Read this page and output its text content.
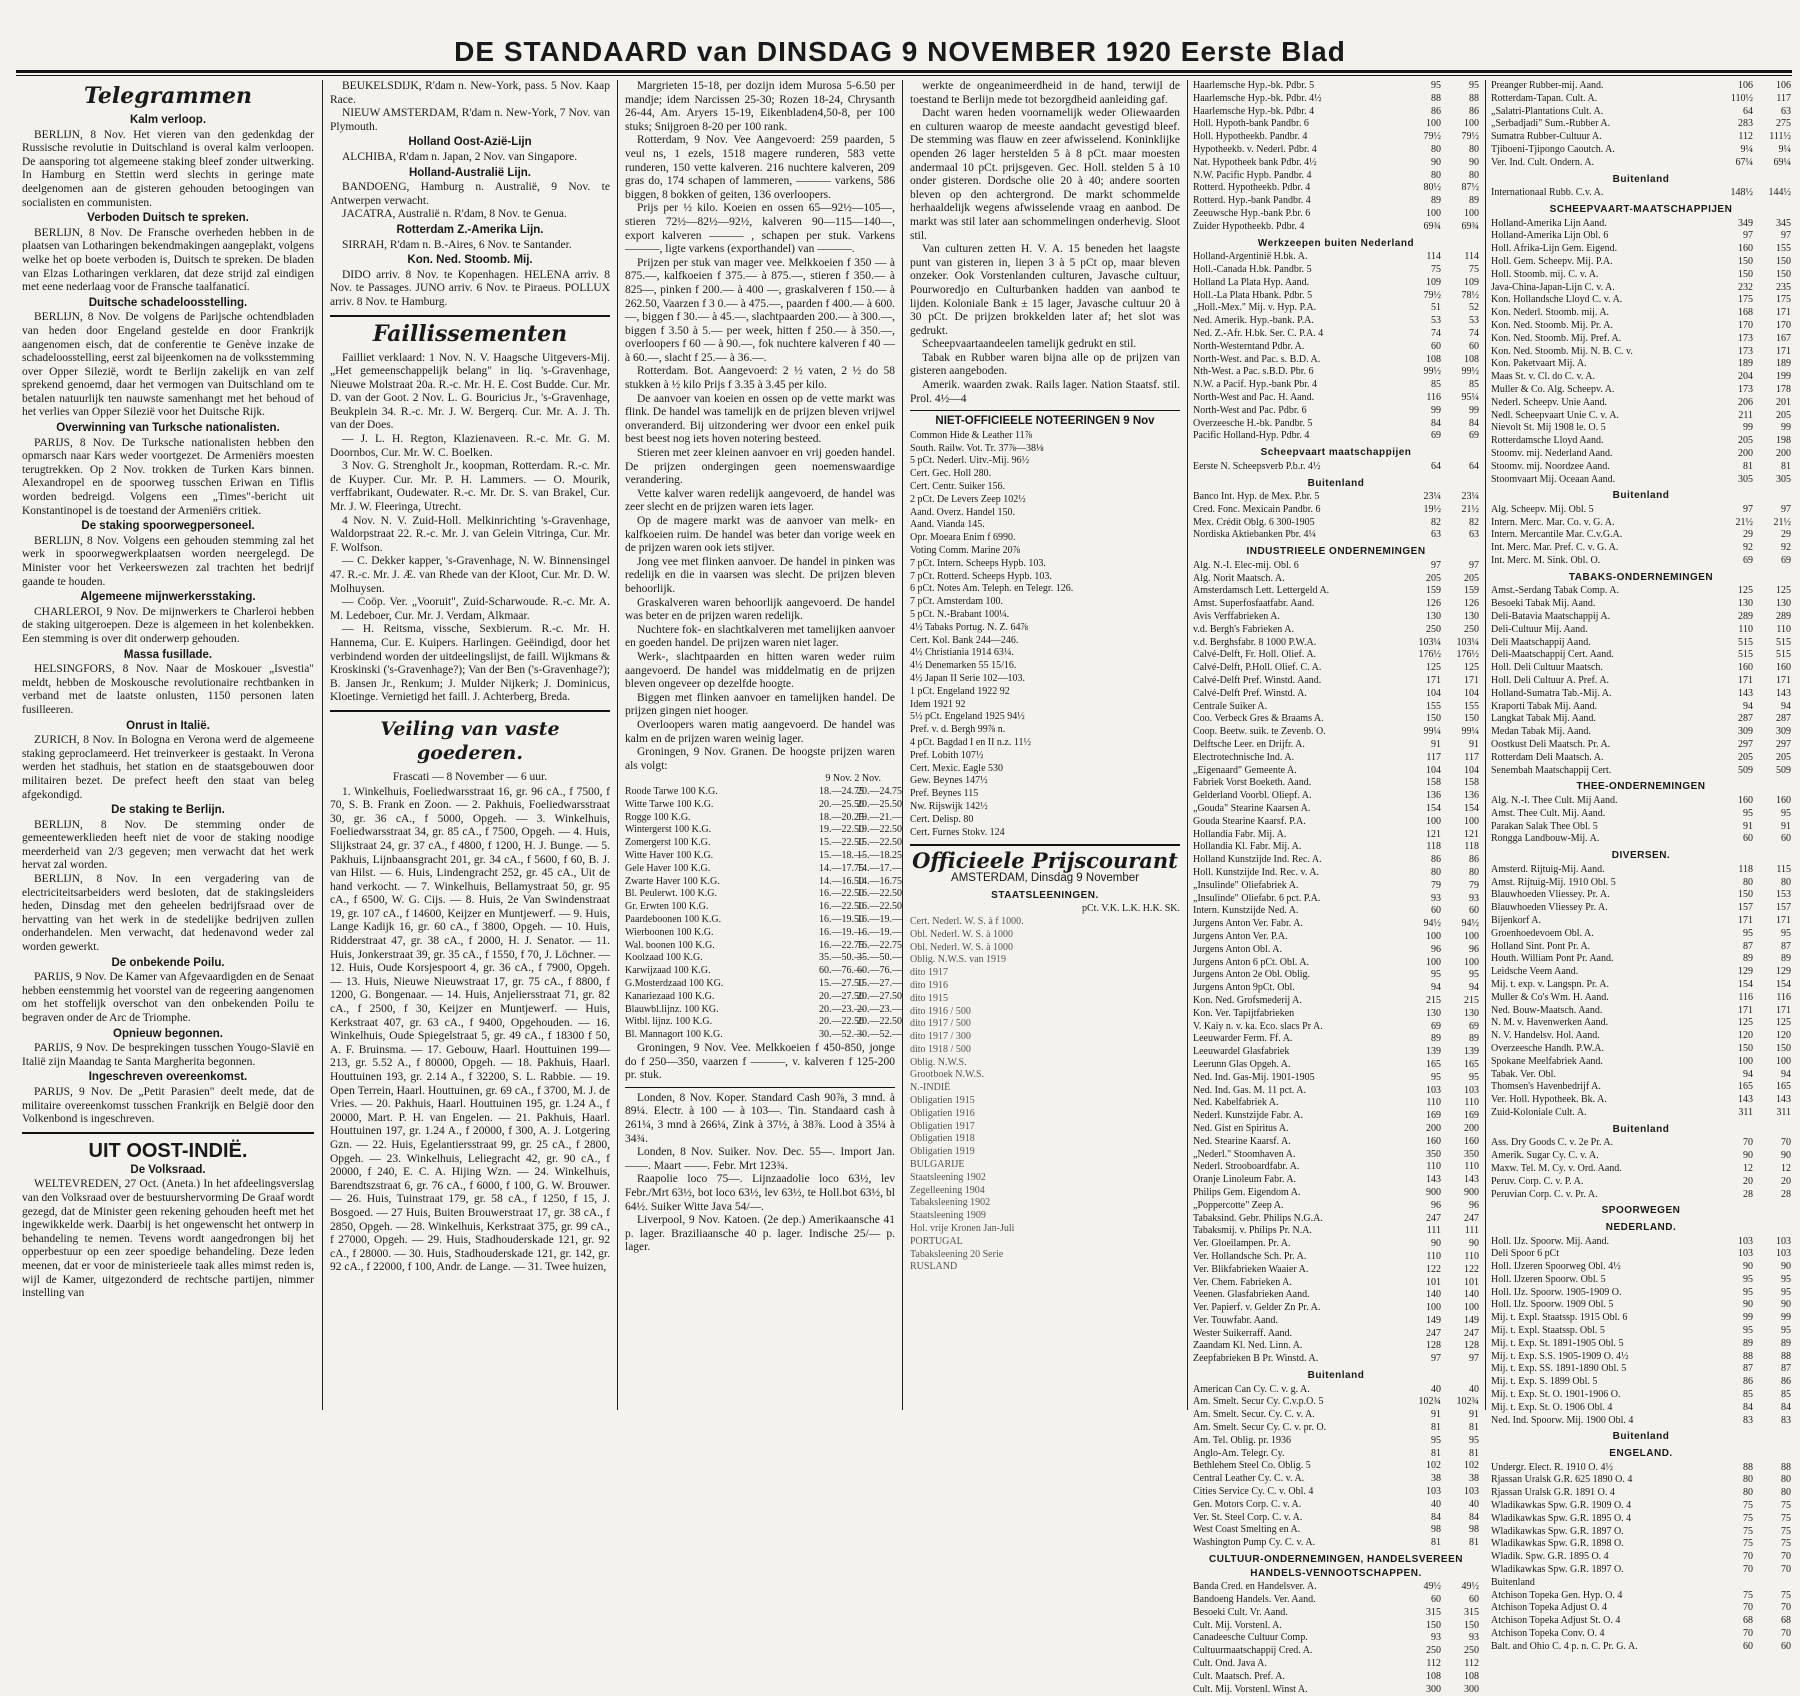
DE STANDAARD van DINSDAG 9 NOVEMBER 1920 Eerste Blad
Telegrammen
Kalm verloop.

BERLIJN, 8 Nov. Het vieren van den gedenkdag der Russische revolutie in Duitschland is overal kalm verloopen. De aansporing tot algemeene staking bleef zonder uitwerking. In Hamburg en Stettin werd slechts in geringe mate deelgenomen aan de gisteren gehouden betoogingen van socialisten en communisten.

Verboden Duitsch te spreken.

BERLIJN, 8 Nov. De Fransche overheden hebben in de plaatsen van Lotharingen bekendmakingen aangeplakt, volgens welke het op boete verboden is, Duitsch te spreken. De bladen van Elzas Lotharingen verklaren, dat deze strijd zal eindigen met eene nederlaag voor de Fransche taalfanaticí.

Duitsche schadeloosstelling.

BERLIJN, 8 Nov. De volgens de Parijsche ochtendbladen van heden door Engeland gestelde en door Frankrijk aangenomen eisch, dat de conferentie te Genève inzake de schadeloosstelling, eerst zal bijeenkomen na de volksstemming over Opper Silezië, wordt te Berlijn zakelijk en van zelf sprekend genoemd, daar het vermogen van Duitschland om te betalen natuurlijk ten nauwste samenhangt met het behoud of het verlies van Opper Silezië voor het Duitsche Rijk.

Overwinning van Turksche nationalisten.

PARIJS, 8 Nov. De Turksche nationalisten hebben den opmarsch naar Kars weder voortgezet. De Armeniërs moesten terugtrekken. Op 2 Nov. trokken de Turken Kars binnen. Alexandropel en de spoorweg tusschen Eriwan en Tiflis worden bedreigd. Volgens een „Times"-bericht uit Konstantinopel is de toestand der Armeniërs critiek.

De staking spoorwegpersoneel.

BERLIJN, 8 Nov. Volgens een gehouden stemming zal het werk in spoorwegwerkplaatsen worden neergelegd. De Minister voor het Verkeerswezen zal trachten het bedrijf gaande te houden.

Algemeene mijnwerkersstaking.

CHARLEROI, 9 Nov. De mijnwerkers te Charleroi hebben de staking uitgeroepen. Deze is algemeen in het kolenbekken. Een stemming is over dit onderwerp gehouden.

Massa fusillade.

HELSINGFORS, 8 Nov. Naar de Moskouer „Isvestia" meldt, hebben de Moskousche revolutionaire rechtbanken in verband met de laatste onlusten, 1150 personen laten fusilleeren.

Onrust in Italië.

ZURICH, 8 Nov. In Bologna en Verona werd de algemeene staking geproclameerd. Het treinverkeer is gestaakt. In Verona werden het stadhuis, het station en de staatsgebouwen door militairen bezet. De prefect heeft den staat van beleg afgekondigd.

De staking te Berlijn.

BERLIJN, 8 Nov. De stemming onder de gemeentewerklieden heeft niet de voor de staking noodige meerderheid van 2/3 gegeven; men verwacht dat het werk hervat zal worden.

BERLIJN, 8 Nov. In een vergadering van de electriciteitsarbeiders werd besloten, dat de stakingsleiders heden, Dinsdag met den geheelen bedrijfsraad over de hervatting van het werk in de stedelijke bedrijven zullen onderhandelen. Men verwacht, dat hedenavond weder zal worden gewerkt.

De onbekende Poilu.

PARIJS, 9 Nov. De Kamer van Afgevaardigden en de Senaat hebben eenstemmig het voorstel van de regeering aangenomen om het stoffelijk overschot van den onbekenden Poilu te begraven onder de Arc de Triomphe.

Opnieuw begonnen.

PARIJS, 9 Nov. De besprekingen tusschen Yougo-Slavië en Italië zijn Maandag te Santa Margherita begonnen.

Ingeschreven overeenkomst.

PARIJS, 9 Nov. De „Petit Parasien" deelt mede, dat de militaire overeenkomst tusschen Frankrijk en België door den Volkenbond is ingeschreven.

UIT OOST-INDIË.
De Volksraad.

WELTEVREDEN, 27 Oct. (Aneta.) In het afdeelingsverslag van den Volksraad over de bestuurshervorming De Graaf wordt gezegd, dat de Minister geen rekening gehouden heeft met het ingewikkelde werk. Daarbij is het ongewenscht het ontwerp in behandeling te nemen. Tevens wordt aangedrongen bij het opperbestuur op een zeer spoedige behandeling. Deze leden meenen, dat er voor de ministerieele taak alles mimst reden is, wijl de Kamer, uitgezonderd de rechtsche partijen, nimmer instelling van

BEUKELSDIJK, R'dam n. New-York, pass. 5 Nov. Kaap Race.

NIEUW AMSTERDAM, R'dam n. New-York, 7 Nov. van Plymouth.

Holland Oost-Azië-Lijn

ALCHIBA, R'dam n. Japan, 2 Nov. van Singapore.

Holland-Australië Lijn.

BANDOENG, Hamburg n. Australië, 9 Nov. te Antwerpen verwacht.

JACATRA, Australië n. R'dam, 8 Nov. te Genua.

Rotterdam Z.-Amerika Lijn.

SIRRAH, R'dam n. B.-Aires, 6 Nov. te Santander.

Kon. Ned. Stoomb. Mij.

DIDO arriv. 8 Nov. te Kopenhagen. HELENA arriv. 8 Nov. te Passages. JUNO arriv. 6 Nov. te Piraeus. POLLUX arriv. 8 Nov. te Hamburg.

Faillissementen

Failliet verklaard: 1 Nov. N. V. Haagsche Uitgevers-Mij. „Het gemeenschappelijk belang" in liq. 's-Gravenhage, Nieuwe Molstraat 20a. R.-c. Mr. H. E. Cost Budde. Cur. Mr. D. van der Goot. 2 Nov. L. G. Bouricius Jr., 's-Gravenhage, Beukplein 34. R.-c. Mr. J. W. Bergerq. Cur. Mr. A. J. Th. van der Does.

— J. L. H. Regton, Klazienaveen. R.-c. Mr. G. M. Doornbos, Cur. Mr. W. C. Boelken.

3 Nov. G. Strengholt Jr., koopman, Rotterdam. R.-c. Mr. de Kuyper. Cur. Mr. P. H. Lammers. — O. Mourik, verffabrikant, Oudewater. R.-c. Mr. Dr. S. van Brakel, Cur. Mr. J. W. Fleeringa, Utrecht.

4 Nov. N. V. Zuid-Holl. Melkinrichting 's-Gravenhage, Waldorpstraat 22. R.-c. Mr. J. van Gelein Vitringa, Cur. Mr. F. Wolfson.

— C. Dekker kapper, 's-Gravenhage, N. W. Binnensingel 47. R.-c. Mr. J. Æ. van Rhede van der Kloot, Cur. Mr. D. W. Molhuysen.

— Coöp. Ver. „Vooruit", Zuid-Scharwoude. R.-c. Mr. A. M. Ledeboer, Cur. Mr. J. Verdam, Alkmaar.

— H. Reitsma, vissche, Sexbierum. R.-c. Mr. H. Hannema, Cur. E. Kuipers. Harlingen. Geëindigd, door het verbindend worden der uitdeelingslijst, de faill. Wijkmans & Kroskinski ('s-Gravenhage?); Van der Ben ('s-Gravenhage?); B. Jansen Jr., Renkum; J. Mulder Nijkerk; J. Dominicus, Kloetinge. Vernietigd het faill. J. Achterberg, Breda.

Veiling van vaste goederen.
Frascati — 8 November — 6 uur.

1. Winkelhuis, Foeliedwarsstraat 16, gr. 96 cA., f 7500, f 70, S. B. Frank en Zoon. — 2. Pakhuis, Foeliedwarsstraat 30, gr. 36 cA., f 5000, Opgeh. — 3. Winkelhuis, Foeliedwarsstraat 34, gr. 85 cA., f 7500, Opgeh. — 4. Huis, Slijkstraat 24, gr. 37 cA., f 4800, f 1200, H. J. Bunge. — 5. Pakhuis, Lijnbaansgracht 201, gr. 34 cA., f 5600, f 60, B. J. van Hilst. — 6. Huis, Lindengracht 252, gr. 45 cA., Uit de hand verkocht. — 7. Winkelhuis, Bellamystraat 50, gr. 95 cA., f 6500, W. G. Cijs. — 8. Huis, 2e Van Swindenstraat 19, gr. 107 cA., f 14600, Keijzer en Muntjewerf. — 9. Huis, Lange Kadijk 16, gr. 60 cA., f 3800, Opgeh. — 10. Huis, Ridderstraat 47, gr. 38 cA., f 2000, H. J. Senator. — 11. Huis, Jonkerstraat 39, gr. 35 cA., f 1550, f 70, J. Löchner. — 12. Huis, Oude Korsjespoort 4, gr. 36 cA., f 7900, Opgeh. — 13. Huis, Nieuwe Nieuwstraat 17, gr. 75 cA., f 8800, f 1200, G. Bongenaar. — 14. Huis, Anjeliersstraat 71, gr. 82 cA., f 2500, f 30, Keijzer en Muntjewerf. — Huis, Kerkstraat 407, gr. 63 cA., f 9400, Opgehouden. — 16. Winkelhuis, Oude Spiegelstraat 5, gr. 49 cA., f 18300 f 50, A. F. Bruinsma. — 17. Gebouw, Haarl. Houttuinen 199—213, gr. 5.52 A., f 80000, Opgeh. — 18. Pakhuis, Haarl. Houttuinen 193, gr. 2.14 A., f 32200, S. L. Rabbie. — 19. Open Terrein, Haarl. Houttuinen, gr. 69 cA., f 3700, M. J. de Vries. — 20. Pakhuis, Haarl. Houttuinen 195, gr. 1.24 A., f 20000, Mart. P. H. van Engelen. — 21. Pakhuis, Haarl. Houttuinen 197, gr. 1.24 A., f 20000, f 300, A. J. Lotgering Gzn. — 22. Huis, Egelantiersstraat 99, gr. 25 cA., f 2800, Opgeh. — 23. Winkelhuis, Leliegracht 42, gr. 90 cA., f 20000, f 240, E. C. A. Hijing Wzn. — 24. Winkelhuis, Barendtszstraat 6, gr. 76 cA., f 6000, f 100, G. W. Brouwer. — 26. Huis, Tuinstraat 179, gr. 58 cA., f 1250, f 15, J. Bosgoed. — 27 Huis, Buiten Brouwerstraat 17, gr. 38 cA., f 2850, Opgeh. — 28. Winkelhuis, Kerkstraat 375, gr. 99 cA., f 27000, Opgeh. — 29. Huis, Stadhouderskade 121, gr. 92 cA., f 28000. — 30. Huis, Stadhouderskade 121, gr. 142, gr. 92 cA., f 22000, f 100, Andr. de Lange. — 31. Twee huizen,

Margrieten 15-18, per dozijn idem Murosa 5-6.50 per mandje; idem Narcissen 25-30; Rozen 18-24, Chrysanth 26-44, Am. Aryers 15-19, Eikenbladen4,50-8, per 100 stuks; Snijgroen 8-20 per 100 rank.

Rotterdam, 9 Nov. Vee Aangevoerd: 259 paarden, 5 veul ns, 1 ezels, 1518 magere runderen, 583 vette runderen, 150 vette kalveren. 216 nuchtere kalveren, 209 gras do, 174 schapen of lammeren, ——— varkens, 586 biggen, 8 bokken of geiten, 136 overloopers.

Prijs per ½ kilo. Koeien en ossen 65—92½—105—, stieren 72½—82½—92½, kalveren 90—115—140—, export kalveren ——— , schapen per stuk. Varkens ———, ligte varkens (exporthandel) van ———.

Prijzen per stuk van mager vee. Melkkoeien f 350 — à 875.—, kalfkoeien f 375.— à 875.—, stieren f 350.— à 825—, pinken f 200.— à 400 —, graskalveren f 150.— à 262.50, Vaarzen f 3 0.— à 475.—, paarden f 400.— à 600.—, biggen f 30.— à 45.—, slachtpaarden 200.— à 300.—, biggen f 3.50 à 5.— per week, hitten f 250.— à 350.—, overloopers f 60 — à 90.—, fok nuchtere kalveren f 40 — à 60.—, slacht f 25.— à 36.—.

Rotterdam. Bot. Aangevoerd: 2 ½ vaten, 2 ½ do 58 stukken à ½ kilo Prijs f 3.35 à 3.45 per kilo.

De aanvoer van koeien en ossen op de vette markt was flink. De handel was tamelijk en de prijzen bleven vrijwel onveranderd. Bij uitzondering wer dvoor een enkel puik best beest nog iets hoven notering besteed.

Stieren met zeer kleinen aanvoer en vrij goeden handel. De prijzen ondergingen geen noemenswaardige verandering.

Vette kalver waren redelijk aangevoerd, de handel was zeer slecht en de prijzen waren iets lager.

Op de magere markt was de aanvoer van melk- en kalfkoeien ruim. De handel was beter dan vorige week en de prijzen waren ook iets stijver.

Jong vee met flinken aanvoer. De handel in pinken was redelijk en die in vaarsen was slecht. De prijzen bleven behoorlijk.

Graskalveren waren behoorlijk aangevoerd. De handel was beter en de prijzen waren redelijk.

Nuchtere fok- en slachtkalveren met tamelijken aanvoer en goeden handel. De prijzen waren niet lager.

Werk-, slachtpaarden en hitten waren weder ruim aangevoerd. De handel was middelmatig en de prijzen bleven ongeveer op dezelfde hoogte.

Biggen met flinken aanvoer en tamelijken handel. De prijzen gingen niet hooger.

Overloopers waren matig aangevoerd. De handel was kalm en de prijzen waren weinig lager.

Groningen, 9 Nov. Granen. De hoogste prijzen waren als volgt:

9 Nov. 2 Nov.
Roode Tarwe 100 K.G.	18.—24.75
20.—24.75
Witte Tarwe 100 K.G.	20.—25.50
20.—25.50
Rogge 100 K.G.	18.—20.25
19.—21.—
Wintergerst 100 K.G.	19.—22.50
19.—22.50
Zomergerst 100 K.G.	15.—22.50
15.—22.50
Witte Haver 100 K.G.	15.—18.—
15.—18.25
Gele Haver 100 K.G.	14.—17.75
14.—17.—
Zwarte Haver 100 K.G.	14.—16.50
14.—16.75
Bl. Peulerwt. 100 K.G.	16.—22.50
16.—22.50
Gr. Erwten 100 K.G.	16.—22.50
16.—22.50
Paardeboonen 100 K.G.	16.—19.50
16.—19.—
Wierboonen 100 K.G.	16.—19.—
16.—19.—
Wal. boonen 100 K.G.	16.—22.75
16.—22.75
Koolzaad 100 K.G.	35.—50.—
35.—50.—
Karwijzaad 100 K.G.	60.—76.—
60.—76.—
G.Mosterdzaad 100 KG.	15.—27.50
15.—27.—
Kanariezaad 100 K.G.	20.—27.50
20.—27.50
Blauwbl.lijnz. 100 KG.	20.—23.—
20.—23.—
Witbl. lijnz. 100 K.G.	20.—22.50
20.—22.50
Bl. Mannagort 100 K.G.	30.—52.—
30.—52.—

Groningen, 9 Nov. Vee. Melkkoeien f 450-850, jonge do f 250—350, vaarzen f ———, v. kalveren f 125-200 pr. stuk.

Londen, 8 Nov. Koper. Standard Cash 90⅞, 3 mnd. à 89¼. Electr. à 100 — à 103—. Tin. Standaard cash à 261¼, 3 mnd à 266¼, Zink à 37½, à 38⅞. Lood à 35¼ à 34¾.

Londen, 8 Nov. Suiker. Nov. Dec. 55—. Import Jan. ——. Maart ——. Febr. Mrt 123¾.

Raapolie loco 75—. Lijnzaadolie loco 63½, lev Febr./Mrt 63½, bot loco 63½, lev 63½, te Holl.bot 63½, bl 64½. Suiker Witte Java 54/—.

Liverpool, 9 Nov. Katoen. (2e dep.) Amerikaansche 41 p. lager. Braziliaansche 40 p. lager. Indische 25/— p. lager.

werkte de ongeanimeerdheid in de hand, terwijl de toestand te Berlijn mede tot bezorgdheid aanleiding gaf.

Dacht waren heden voornamelijk weder Oliewaarden en culturen waarop de meeste aandacht gevestigd bleef. De stemming was flauw en zeer afwisselend. Koninklijke openden 26 lager herstelden 5 à 8 pCt. maar moesten andermaal 10 pCt. prijsgeven. Gec. Holl. stelden 5 à 10 onder gisteren. Dordsche olie 20 à 40; andere soorten bleven op den achtergrond. De markt schommelde herhaaldelijk wegens afwisselende vraag en aanbod. De markt was stil later aan schommelingen onderhevig. Sloot stil.

Van culturen zetten H. V. A. 15 beneden het laagste punt van gisteren in, liepen 3 à 5 pCt op, maar bleven onzeker. Ook Vorstenlanden culturen, Javasche cultuur, Pourworedjo en Culturbanken hadden van aanbod te lijden. Koloniale Bank ± 15 lager, Javasche cultuur 20 à 30 pCt. De prijzen brokkelden later af; het slot was gedrukt.

Scheepvaartaandeelen tamelijk gedrukt en stil.

Tabak en Rubber waren bijna alle op de prijzen van gisteren aangeboden.

Amerik. waarden zwak. Rails lager. Nation Staatsf. stil. Prol. 4½—4

NIET-OFFICIEELE NOTEERINGEN 9 Nov
Common Hide & Leather 11⅞
South. Railw. Vot. Tr. 37⅞—38⅛
5 pCt. Nederl. Uitv.-Mij. 96½
Cert. Gec. Holl 280.
Cert. Centr. Suiker 156.
2 pCt. De Levers Zeep 102½
Aand. Overz. Handel 150.
Aand. Vianda 145.
Opr. Moeara Enim f 6990.
Voting Comm. Marine 20⅞
7 pCt. Intern. Scheeps Hypb. 103.
7 pCt. Rotterd. Scheeps Hypb. 103.
6 pCt. Notes Am. Teleph. en Telegr. 126.
7 pCt. Amsterdam 100.
5 pCt. N.-Brabant 100¼.
4½ Tabaks Portug. N. Z. 64⅞
Cert. Kol. Bank 244—246.
4½ Christiania 1914 63¼.
4½ Denemarken 55 15/16.
4½ Japan II Serie 102—103.
1 pCt. Engeland 1922 92
Idem 1921 92
5½ pCt. Engeland 1925 94½
Pref. v. d. Bergh 99⅞ n.
4 pCt. Bagdad I en II n.z. 11½
Pref. Lobith 107½
Cert. Mexic. Eagle 530
Gew. Beynes 147½
Pref. Beynes 115
Nw. Rijswijk 142½
Cert. Delisp. 80
Cert. Furnes Stokv. 124
Officieele Prijscourant
AMSTERDAM, Dinsdag 9 November
STAATSLEENINGEN.
pCt. V.K. L.K. H.K. SK.
Cert. Nederl. W. S. à f 1000.
Obl. Nederl. W. S. à 1000
Obl. Nederl. W. S. à 1000
Oblig. N.W.S. van 1919
dito 1917
dito 1916
dito 1915
dito 1916 / 500
dito 1917 / 500
dito 1917 / 300
dito 1918 / 500
Oblig. N.W.S.
Grootboek N.W.S.
N.-INDIË
Obligatien 1915
Obligatien 1916
Obligatien 1917
Obligatien 1918
Obligatien 1919
BULGARIJE
Staatsleening 1902
Zegelleening 1904
Tabaksleening 1902
Staatsleening 1909
Hol. vrije Kronen Jan-Juli
PORTUGAL
Tabaksleening 20 Serie
RUSLAND
Haarlemsche Hyp.-bk. Pdbr. 5	95	95
Haarlemsche Hyp.-bk. Pdbr. 4½	88	88
Haarlemsche Hyp.-bk. Pdbr. 4	86	86
Holl. Hypoth-bank Pandbr. 6	100	100
Holl. Hypotheekb. Pandbr. 4	79½	79½
Hypotheekb. v. Nederl. Pdbr. 4	80	80
Nat. Hypotheek bank Pdbr. 4½	90	90
N.W. Pacific Hypb. Pandbr. 4	80	80
Rotterd. Hypotheekb. Pdbr. 4	80½	87½
Rotterd. Hyp.-bank Pandbr. 4	89	89
Zeeuwsche Hyp.-bank P.br. 6	100	100
Zuider Hypotheekb. Pdbr. 4	69¾	69¾
Werkzeepen buiten Nederland
Holland-Argentinië H.bk. A.	114	114
Holl.-Canada H.bk. Pandbr. 5	75	75
Holland La Plata Hyp. Aand.	109	109
Holl.-La Plata Hbank. Pdbr. 5	79½	78½
„Holl.-Mex." Mij. v. Hyp. P.A.	51	52
Ned. Amerik. Hyp.-bank. P.A.	53	53
Ned. Z.-Afr. H.bk. Ser. C. P.A. 4	74	74
North-Westerntand Pdbr. A.	60	60
North-West. and Pac. s. B.D. A.	108	108
Nth-West. a Pac. s.B.D. Pbr. 6	99½	99½
N.W. a Pacif. Hyp.-bank Pbr. 4	85	85
North-West and Pac. H. Aand.	116	95¼
North-West and Pac. Pdbr. 6	99	99
Overzeesche H.-bk. Pandbr. 5	84	84
Pacific Holland-Hyp. Pdbr. 4	69	69
Scheepvaart maatschappijen
Eerste N. Scheepsverb P.b.r. 4½	64	64
Buitenland
Banco Int. Hyp. de Mex. P.br. 5	23¼	23¼
Cred. Fonc. Mexicain Pandbr. 6	19½	21½
Mex. Crédit Oblg. 6 300-1905	82	82
Nordiska Aktiebanken Pbr. 4¼	63	63
INDUSTRIEELE ONDERNEMINGEN
Alg. N.-I. Elec-mij. Obl. 6	97	97
Alg. Norit Maatsch. A.	205	205
Amsterdamsch Lett. Lettergeld A.	159	159
Amst. Superfosfaatfabr. Aand.	126	126
Avis Verffabrieken A.	130	130
v.d. Bergh's Fabrieken A.	250	250
v.d. Berghsfabr. 8 1000 P.W.A.	103¼	103¼
Calvé-Delft, Fr. Holl. Olief. A.	176½	176½
Calvé-Delft, P.Holl. Olief. C. A.	125	125
Calvé-Delft Pref. Winstd. Aand.	171	171
Calvé-Delft Pref. Winstd. A.	104	104
Centrale Suiker A.	155	155
Coo. Verbeck Gres & Braams A.	150	150
Coop. Beetw. suik. te Zevenb. O.	99¼	99¼
Delftsche Leer. en Drijfr. A.	91	91
Electrotechnische Ind. A.	117	117
„Eigenaard" Gemeente A.	104	104
Fabriek Vorst Boeketh. Aand.	158	158
Gelderland Voorbl. Oliepf. A.	136	136
„Gouda" Stearine Kaarsen A.	154	154
Gouda Stearine Kaarsf. P.A.	100	100
Hollandia Fabr. Mij. A.	121	121
Hollandia Kl. Fabr. Mij. A.	118	118
Holland Kunstzijde Ind. Rec. A.	86	86
Holl. Kunstzijde Ind. Rec. v. A.	80	80
„Insulinde" Oliefabriek A.	79	79
„Insulinde" Oliefabr. 6 pct. P.A.	93	93
Intern. Kunstzijde Ned. A.	60	60
Jurgens Anton Ver. Fabr. A.	94½	94½
Jurgens Anton Ver. P.A.	100	100
Jurgens Anton Obl. A.	96	96
Jurgens Anton 6 pCt. Obl. A.	100	100
Jurgens Anton 2e Obl. Oblig.	95	95
Jurgens Anton 9pCt. Obl.	94	94
Kon. Ned. Grofsmederij A.	215	215
Kon. Ver. Tapijtfabrieken	130	130
V. Kaiy n. v. ka. Eco. slacs Pr A.	69	69
Leeuwarder Ferm. Ff. A.	89	89
Leeuwardel Glasfabriek	139	139
Leerunn Glas Opgeh. A.	165	165
Ned. Ind. Gas-Mij. 1901-1905	95	95
Ned. Ind. Gas. M. 11 pct. A.	103	103
Ned. Kabelfabriek A.	110	110
Nederl. Kunstzijde Fabr. A.	169	169
Ned. Gist en Spiritus A.	200	200
Ned. Stearine Kaarsf. A.	160	160
„Nederl." Stoomhaven A.	350	350
Nederl. Strooboardfabr. A.	110	110
Oranje Linoleum Fabr. A.	143	143
Philips Gem. Eigendom A.	900	900
„Poppercotte" Zeep A.	96	96
Tabaksind. Gebr. Philips N.G.A.	247	247
Tabaksmij. v. Philips Pr. N.A.	111	111
Ver. Gloeilampen. Pr. A.	90	90
Ver. Hollandsche Sch. Pr. A.	110	110
Ver. Blikfabrieken Waaier A.	122	122
Ver. Chem. Fabrieken A.	101	101
Veenen. Glasfabrieken Aand.	140	140
Ver. Papierf. v. Gelder Zn Pr. A.	100	100
Ver. Touwfabr. Aand.	149	149
Wester Suikerraff. Aand.	247	247
Zaandam Kl. Ned. Linn. A.	128	128
Zeepfabrieken B Pr. Winstd. A.	97	97
Buitenland
American Can Cy. C. v. g. A.	40	40
Am. Smelt. Secur Cy. C.v.p.O. 5	102¾	102¾
Am. Smelt. Secur. Cy. C. v. A.	91	91
Am. Smelt. Secur Cy. C. v. pr. O.	81	81
Am. Tel. Oblig. pr. 1936	95	95
Anglo-Am. Telegr. Cy.	81	81
Bethlehem Steel Co. Oblig. 5	102	102
Central Leather Cy. C. v. A.	38	38
Cities Service Cy. C. v. Obl. 4	103	103
Gen. Motors Corp. C. v. A.	40	40
Ver. St. Steel Corp. C. v. A.	84	84
West Coast Smelting en A.	98	98
Washington Pump Cy. C. v. A.	81	81
CULTUUR-ONDERNEMINGEN, HANDELSVEREEN HANDELS-VENNOOTSCHAPPEN.
Banda Cred. en Handelsver. A.	49½	49½
Bandoeng Handels. Ver. Aand.	60	60
Besoeki Cult. Vr. Aand.	315	315
Cult. Mij. Vorstenl. A.	150	150
Canadeesche Cultuur Comp.	93	93
Cultuurmaatschappij Cred. A.	250	250
Cult. Ond. Java A.	112	112
Cult. Maatsch. Pref. A.	108	108
Cult. Mij. Vorstenl. Winst A.	300	300
Preanger Rubber-mij. Aand.	106	106
Rotterdam-Tapan. Cult. A.	110½	117
„Salatri-Plantations Cult. A.	64	63
„Serbadjadi" Sum.-Rubber A.	283	275
Sumatra Rubber-Cultuur A.	112	111½
Tjiboeni-Tjipongo Caoutch. A.	9¼	9¼
Ver. Ind. Cult. Ondern. A.	67¼	69¼
Buitenland
Internationaal Rubb. C.v. A.	148½	144½
SCHEEPVAART-MAATSCHAPPIJEN
Holland-Amerika Lijn Aand.	349	345
Holland-Amerika Lijn Obl. 6	97	97
Holl. Afrika-Lijn Gem. Eigend.	160	155
Holl. Gem. Scheepv. Mij. P.A.	150	150
Holl. Stoomb. mij. C. v. A.	150	150
Java-China-Japan-Lijn C. v. A.	232	235
Kon. Hollandsche Lloyd C. v. A.	175	175
Kon. Nederl. Stoomb. mij. A.	168	171
Kon. Ned. Stoomb. Mij. Pr. A.	170	170
Kon. Ned. Stoomb. Mij. Pref. A.	173	167
Kon. Ned. Stoomb. Mij. N. B. C. v.	173	171
Kon. Paketvaart Mij. A.	189	189
Maas St. v. Cl. do C. v. A.	204	199
Muller & Co. Alg. Scheepv. A.	173	178
Nederl. Scheepv. Unie Aand.	206	201
Nedl. Scheepvaart Unie C. v. A.	211	205
Nievolt St. Mij 1908 le. O. 5	99	99
Rotterdamsche Lloyd Aand.	205	198
Stoomv. mij. Nederland Aand.	200	200
Stoomv. mij. Noordzee Aand.	81	81
Stoomvaart Mij. Oceaan Aand.	305	305
Buitenland
Alg. Scheepv. Mij. Obl. 5	97	97
Intern. Merc. Mar. Co. v. G. A.	21½	21½
Intern. Mercantile Mar. C.v.G.A.	29	29
Int. Merc. Mar. Pref. C. v. G. A.	92	92
Int. Merc. M. Sink. Obl. O.	69	69
TABAKS-ONDERNEMINGEN
Amst.-Serdang Tabak Comp. A.	125	125
Besoeki Tabak Mij. Aand.	130	130
Deli-Batavia Maatschappij A.	289	289
Deli-Cultuur Mij. Aand.	110	110
Deli Maatschappij Aand.	515	515
Deli-Maatschappij Cert. Aand.	515	515
Holl. Deli Cultuur Maatsch.	160	160
Holl. Deli Cultuur A. Pref. A.	171	171
Holland-Sumatra Tab.-Mij. A.	143	143
Kraporti Tabak Mij. Aand.	94	94
Langkat Tabak Mij. Aand.	287	287
Medan Tabak Mij. Aand.	309	309
Oostkust Deli Maatsch. Pr. A.	297	297
Rotterdam Deli Maatsch. A.	205	205
Senembah Maatschappij Cert.	509	509
THEE-ONDERNEMINGEN
Alg. N.-I. Thee Cult. Mij Aand.	160	160
Amst. Thee Cult. Mij. Aand.	95	95
Parakan Salak Thee Obl. 5	91	91
Rongga Landbouw-Mij. A.	60	60
DIVERSEN.
Amsterd. Rijtuig-Mij. Aand.	118	115
Amst. Rijtuig-Mij. 1910 Obl. 5	80	80
Blauwhoeden Vliessey. Pr. A.	150	153
Blauwhoeden Vliessey Pr. A.	157	157
Bijenkorf A.	171	171
Groenhoedevoem Obl. A.	95	95
Holland Sint. Pont Pr. A.	87	87
Houth. William Pont Pr. Aand.	89	89
Leidsche Veem Aand.	129	129
Mij. t. exp. v. Langspn. Pr. A.	154	154
Muller & Co's Wm. H. Aand.	116	116
Ned. Bouw-Maatsch. Aand.	171	171
N. M. v. Havenwerken Aand.	125	125
N. V. Handelsv. Hol. Aand.	120	120
Overzeesche Handh. P.W.A.	150	150
Spokane Meelfabriek Aand.	100	100
Tabak. Ver. Obl.	94	94
Thomsen's Havenbedrijf A.	165	165
Ver. Holl. Hypotheek. Bk. A.	143	143
Zuid-Koloniale Cult. A.	311	311
Buitenland
Ass. Dry Goods C. v. 2e Pr. A.	70	70
Amerik. Sugar Cy. C. v. A.	90	90
Maxw. Tel. M. Cy. v. Ord. Aand.	12	12
Peruv. Corp. C. v. P. A.	20	20
Peruvian Corp. C. v. Pr. A.	28	28
SPOORWEGEN
NEDERLAND.
Holl. IJz. Spoorw. Mij. Aand.	103	103
Deli Spoor 6 pCt	103	103
Holl. IJzeren Spoorweg Obl. 4½	90	90
Holl. IJzeren Spoorw. Obl. 5	95	95
Holl. IJz. Spoorw. 1905-1909 O.	95	95
Holl. IJz. Spoorw. 1909 Obl. 5	90	90
Mij. t. Expl. Staatssp. 1915 Obl. 6	99	99
Mij. t. Expl. Staatssp. Obl. 5	95	95
Mij. t. Exp. St. 1891-1905 Obl. 5	89	89
Mij. t. Exp. S.S. 1905-1909 O. 4½	88	88
Mij. t. Exp. SS. 1891-1890 Obl. 5	87	87
Mij. t. Exp. S. 1899 Obl. 5	86	86
Mij. t. Exp. St. O. 1901-1906 O.	85	85
Mij. t. Exp. St. O. 1906 Obl. 4	84	84
Ned. Ind. Spoorw. Mij. 1900 Obl. 4	83	83
Buitenland
ENGELAND.
Undergr. Elect. R. 1910 O. 4½	88	88
Rjassan Uralsk G.R. 625 1890 O. 4	80	80
Rjassan Uralsk G.R. 1891 O. 4	80	80
Wladikawkas Spw. G.R. 1909 O. 4	75	75
Wladikawkas Spw. G.R. 1895 O. 4	75	75
Wladikawkas Spw. G.R. 1897 O.	75	75
Wladikawkas Spw. G.R. 1898 O.	75	75
Wladik. Spw. G.R. 1895 O. 4	70	70
Wladikawkas Spw. G.R. 1897 O.	70	70
Buitenland
Atchison Topeka Gen. Hyp. O. 4	75	75
Atchison Topeka Adjust O. 4	70	70
Atchison Topeka Adjust St. O. 4	68	68
Atchison Topeka Conv. O. 4	70	70
Balt. and Ohio C. 4 p. n. C. Pr. G. A.	60	60
